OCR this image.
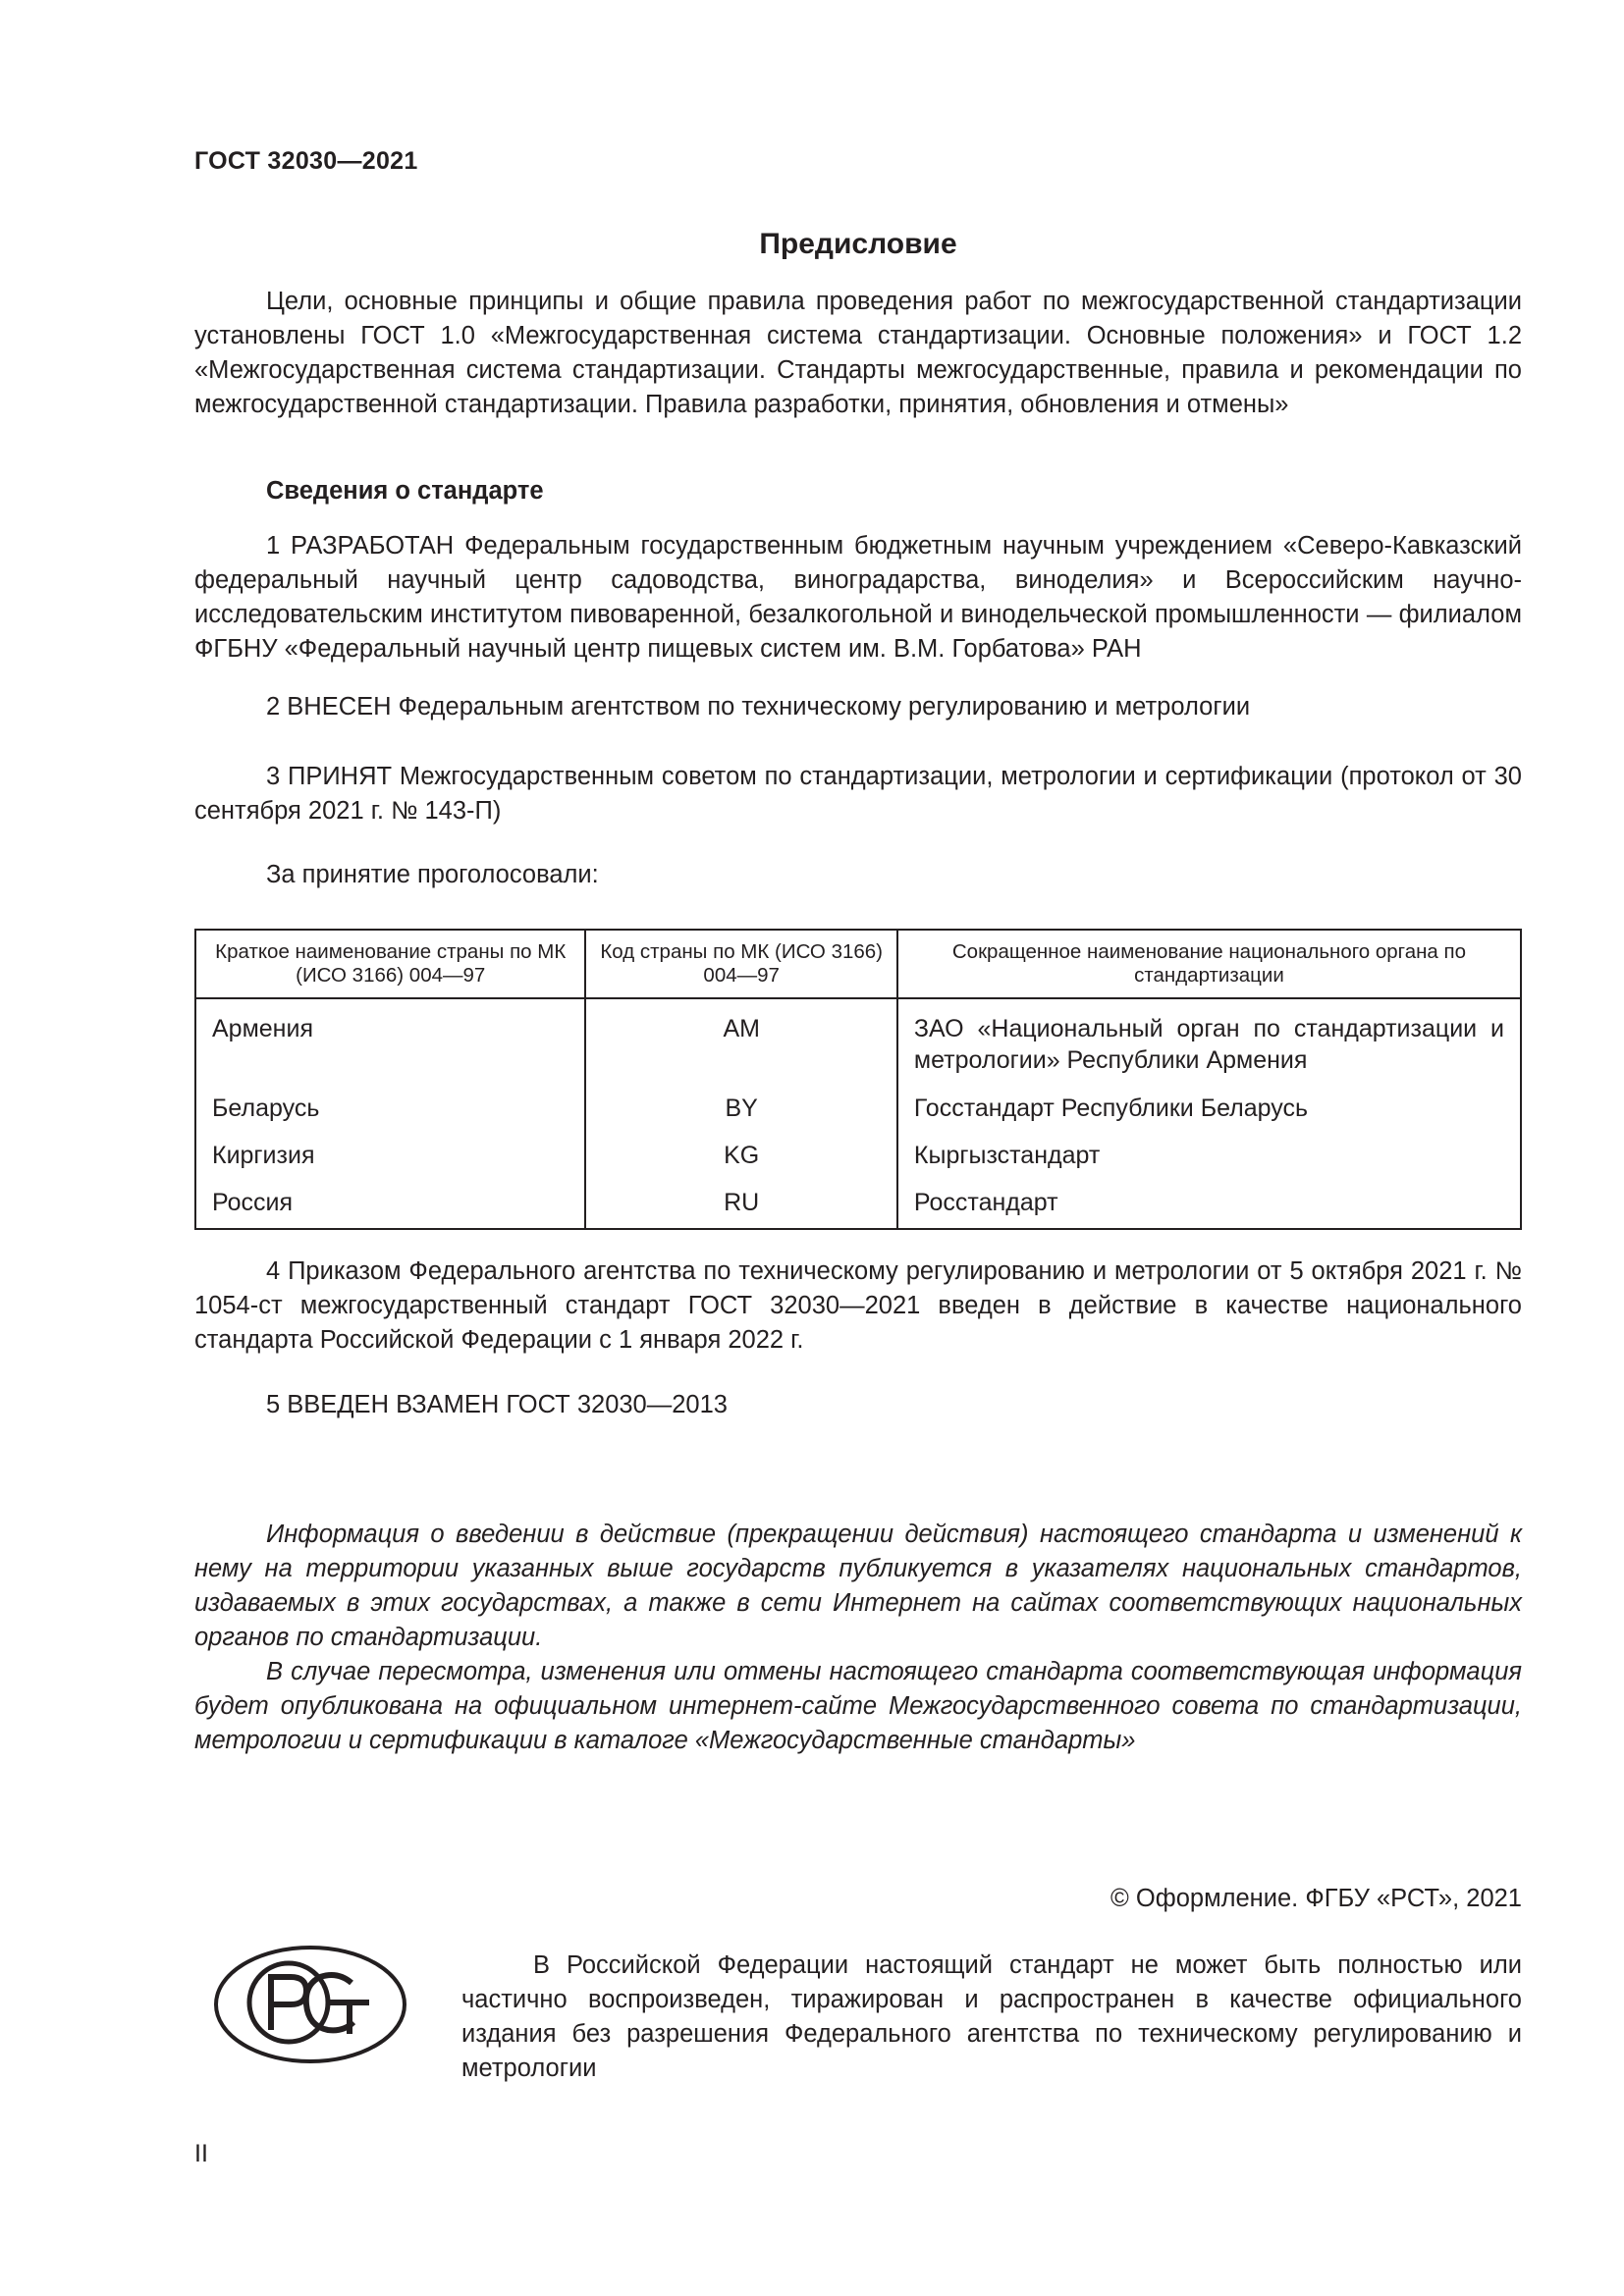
ГОСТ 32030—2021
Предисловие

Цели, основные принципы и общие правила проведения работ по межгосударственной стандартизации установлены ГОСТ 1.0 «Межгосударственная система стандартизации. Основные положения» и ГОСТ 1.2 «Межгосударственная система стандартизации. Стандарты межгосударственные, правила и рекомендации по межгосударственной стандартизации. Правила разработки, принятия, обновления и отмены»

Сведения о стандарте

1 РАЗРАБОТАН Федеральным государственным бюджетным научным учреждением «Северо-Кавказский федеральный научный центр садоводства, виноградарства, виноделия» и Всероссийским научно-исследовательским институтом пивоваренной, безалкогольной и винодельческой промышленности — филиалом ФГБНУ «Федеральный научный центр пищевых систем им. В.М. Горбатова» РАН

2 ВНЕСЕН Федеральным агентством по техническому регулированию и метрологии

3 ПРИНЯТ Межгосударственным советом по стандартизации, метрологии и сертификации (протокол от 30 сентября 2021 г. № 143-П)

За принятие проголосовали:
Краткое наименование страны по МК (ИСО 3166) 004—97	Код страны по МК (ИСО 3166) 004—97	Сокращенное наименование национального органа по стандартизации
Армения	AM	ЗАО «Национальный орган по стандартизации и метрологии» Республики Армения
Беларусь	BY	Госстандарт Республики Беларусь
Киргизия	KG	Кыргызстандарт
Россия	RU	Росстандарт

4 Приказом Федерального агентства по техническому регулированию и метрологии от 5 октября 2021 г. № 1054-ст межгосударственный стандарт ГОСТ 32030—2021 введен в действие в качестве национального стандарта Российской Федерации с 1 января 2022 г.

5 ВВЕДЕН ВЗАМЕН ГОСТ 32030—2013

Информация о введении в действие (прекращении действия) настоящего стандарта и изменений к нему на территории указанных выше государств публикуется в указателях национальных стандартов, издаваемых в этих государствах, а также в сети Интернет на сайтах соответствующих национальных органов по стандартизации.

В случае пересмотра, изменения или отмены настоящего стандарта соответствующая информация будет опубликована на официальном интернет-сайте Межгосударственного совета по стандартизации, метрологии и сертификации в каталоге «Межгосударственные стандарты»

© Оформление. ФГБУ «РСТ», 2021

В Российской Федерации настоящий стандарт не может быть полностью или частично воспроизведен, тиражирован и распространен в качестве официального издания без разрешения Федерального агентства по техническому регулированию и метрологии

II
